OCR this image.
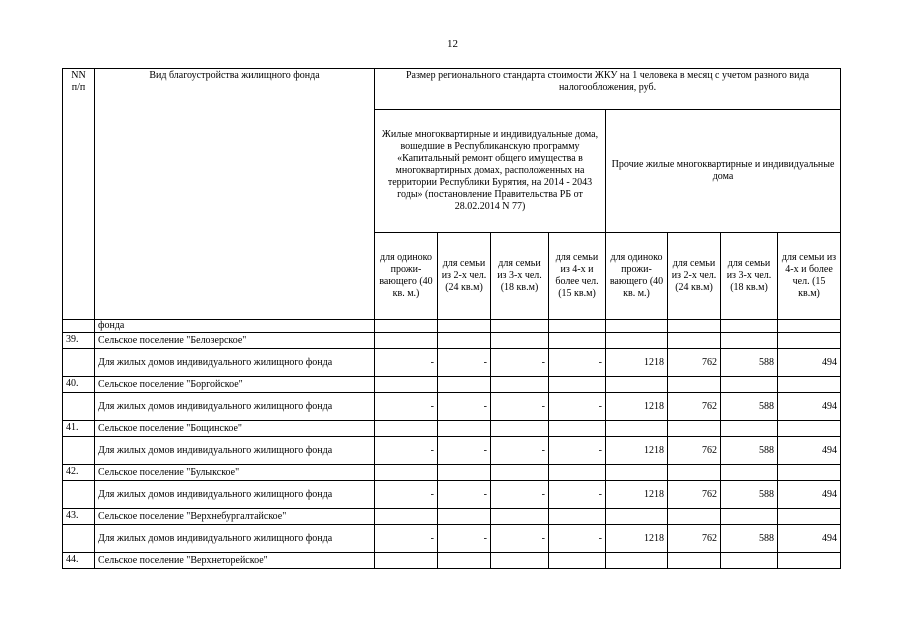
12
NN п/п	Вид благоустройства жилищного фонда	Размер регионального стандарта стоимости ЖКУ на 1 человека в месяц с учетом разного вида налогообложения, руб.							
		Жилые многоквартирные и индивидуальные дома, вошедшие в Республиканскую программу «Капитальный ремонт общего имущества в многоквартирных домах, расположенных на территории Республики Бурятия, на 2014 - 2043 годы» (постановление Правительства РБ от 28.02.2014 N 77)				Прочие жилые многоквартирные и индивидуальные дома			
		для одиноко прожи-вающего (40 кв. м.)	для семьи из 2-х чел. (24 кв.м)	для семьи из 3-х чел. (18 кв.м)	для семьи из 4-х и более чел. (15 кв.м)	для одиноко прожи-вающего (40 кв. м.)	для семьи из 2-х чел. (24 кв.м)	для семьи из 3-х чел. (18 кв.м)	для семьи из 4-х и более чел. (15 кв.м)
	фонда								
39.	Сельское поселение "Белозерское"								
	Для жилых домов индивидуального жилищного фонда	-	-	-	-	1218	762	588	494
40.	Сельское поселение "Боргойское"								
	Для жилых домов индивидуального жилищного фонда	-	-	-	-	1218	762	588	494
41.	Сельское поселение "Бощинское"								
	Для жилых домов индивидуального жилищного фонда	-	-	-	-	1218	762	588	494
42.	Сельское поселение "Булыкское"								
	Для жилых домов индивидуального жилищного фонда	-	-	-	-	1218	762	588	494
43.	Сельское поселение "Верхнебургалтайское"								
	Для жилых домов индивидуального жилищного фонда	-	-	-	-	1218	762	588	494
44.	Сельское поселение "Верхнеторейское"								
